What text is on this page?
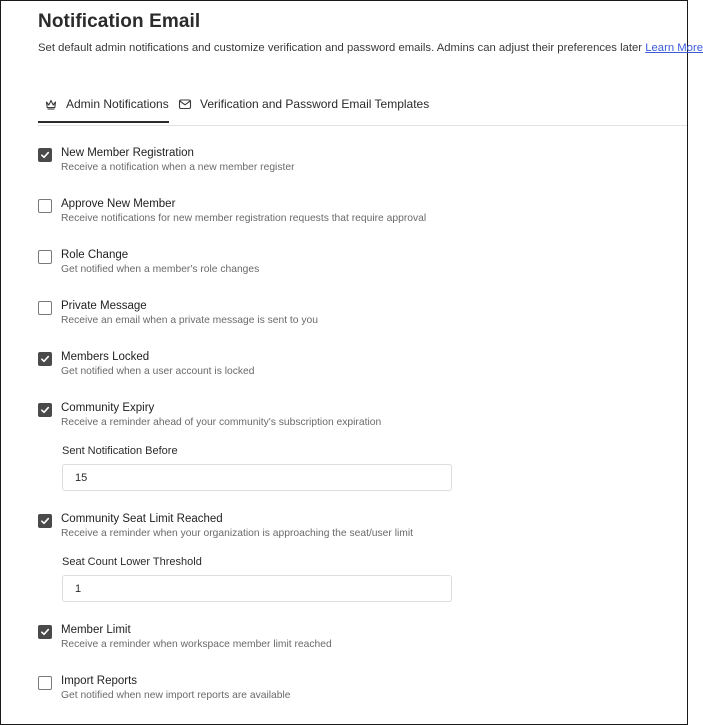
Notification Email
Set default admin notifications and customize verification and password emails. Admins can adjust their preferences later Learn More
Admin Notifications	Verification and Password Email Templates
New Member Registration
Receive a notification when a new member register
Approve New Member
Receive notifications for new member registration requests that require approval
Role Change
Get notified when a member's role changes
Private Message
Receive an email when a private message is sent to you
Members Locked
Get notified when a user account is locked
Community Expiry
Receive a reminder ahead of your community's subscription expiration
Sent Notification Before
15
Community Seat Limit Reached
Receive a reminder when your organization is approaching the seat/user limit
Seat Count Lower Threshold
1
Member Limit
Receive a reminder when workspace member limit reached
Import Reports
Get notified when new import reports are available
